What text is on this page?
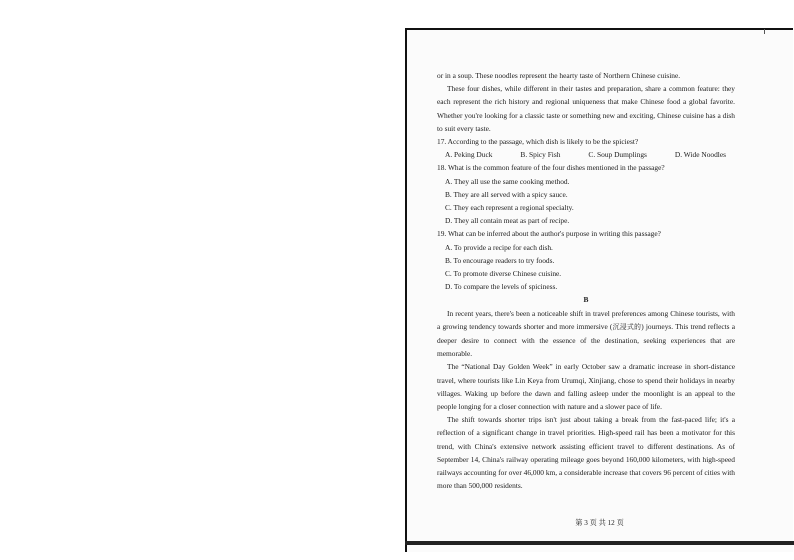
or in a soup. These noodles represent the hearty taste of Northern Chinese cuisine.

These four dishes, while different in their tastes and preparation, share a common feature: they each represent the rich history and regional uniqueness that make Chinese food a global favorite. Whether you're looking for a classic taste or something new and exciting, Chinese cuisine has a dish to suit every taste.

17. According to the passage, which dish is likely to be the spiciest?

A. Peking Duck	B. Spicy Fish	C. Soup Dumplings	D. Wide Noodles

18. What is the common feature of the four dishes mentioned in the passage?

A. They all use the same cooking method.

B. They are all served with a spicy sauce.

C. They each represent a regional specialty.

D. They all contain meat as part of recipe.

19. What can be inferred about the author's purpose in writing this passage?

A. To provide a recipe for each dish.

B. To encourage readers to try foods.

C. To promote diverse Chinese cuisine.

D. To compare the levels of spiciness.

B

In recent years, there's been a noticeable shift in travel preferences among Chinese tourists, with a growing tendency towards shorter and more immersive (沉浸式的) journeys. This trend reflects a deeper desire to connect with the essence of the destination, seeking experiences that are memorable.

The “National Day Golden Week” in early October saw a dramatic increase in short-distance travel, where tourists like Lin Keya from Urumqi, Xinjiang, chose to spend their holidays in nearby villages. Waking up before the dawn and falling asleep under the moonlight is an appeal to the people longing for a closer connection with nature and a slower pace of life.

The shift towards shorter trips isn't just about taking a break from the fast-paced life; it's a reflection of a significant change in travel priorities. High-speed rail has been a motivator for this trend, with China's extensive network assisting efficient travel to different destinations. As of September 14, China's railway operating mileage goes beyond 160,000 kilometers, with high-speed railways accounting for over 46,000 km, a considerable increase that covers 96 percent of cities with more than 500,000 residents.

第 3 页 共 12 页
